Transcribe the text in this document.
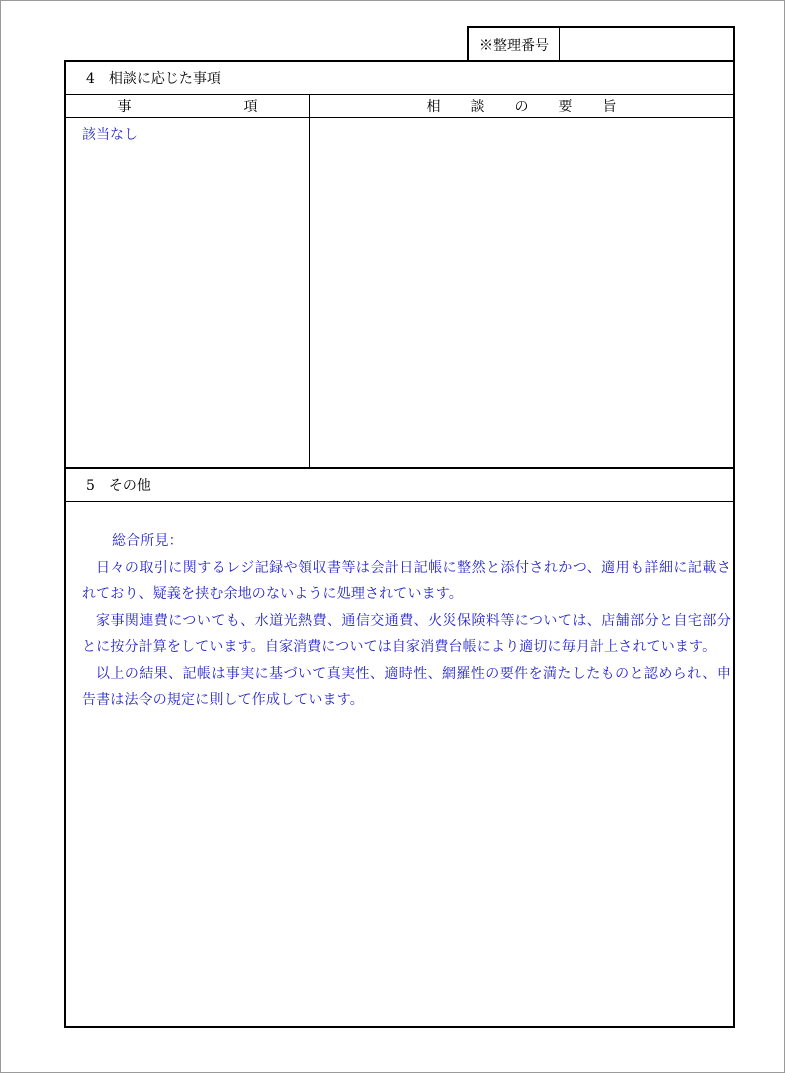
※整理番号
4　相談に応じた事項
事	項	相 談 の 要 旨
該当なし
5　その他

総合所見：

日々の取引に関するレジ記録や領収書等は会計日記帳に整然と添付されかつ、適用も詳細に記載されており、疑義を挟む余地のないように処理されています。

家事関連費についても、水道光熱費、通信交通費、火災保険料等については、店舗部分と自宅部分とに按分計算をしています。自家消費については自家消費台帳により適切に毎月計上されています。

以上の結果、記帳は事実に基づいて真実性、適時性、網羅性の要件を満たしたものと認められ、申告書は法令の規定に則して作成しています。
